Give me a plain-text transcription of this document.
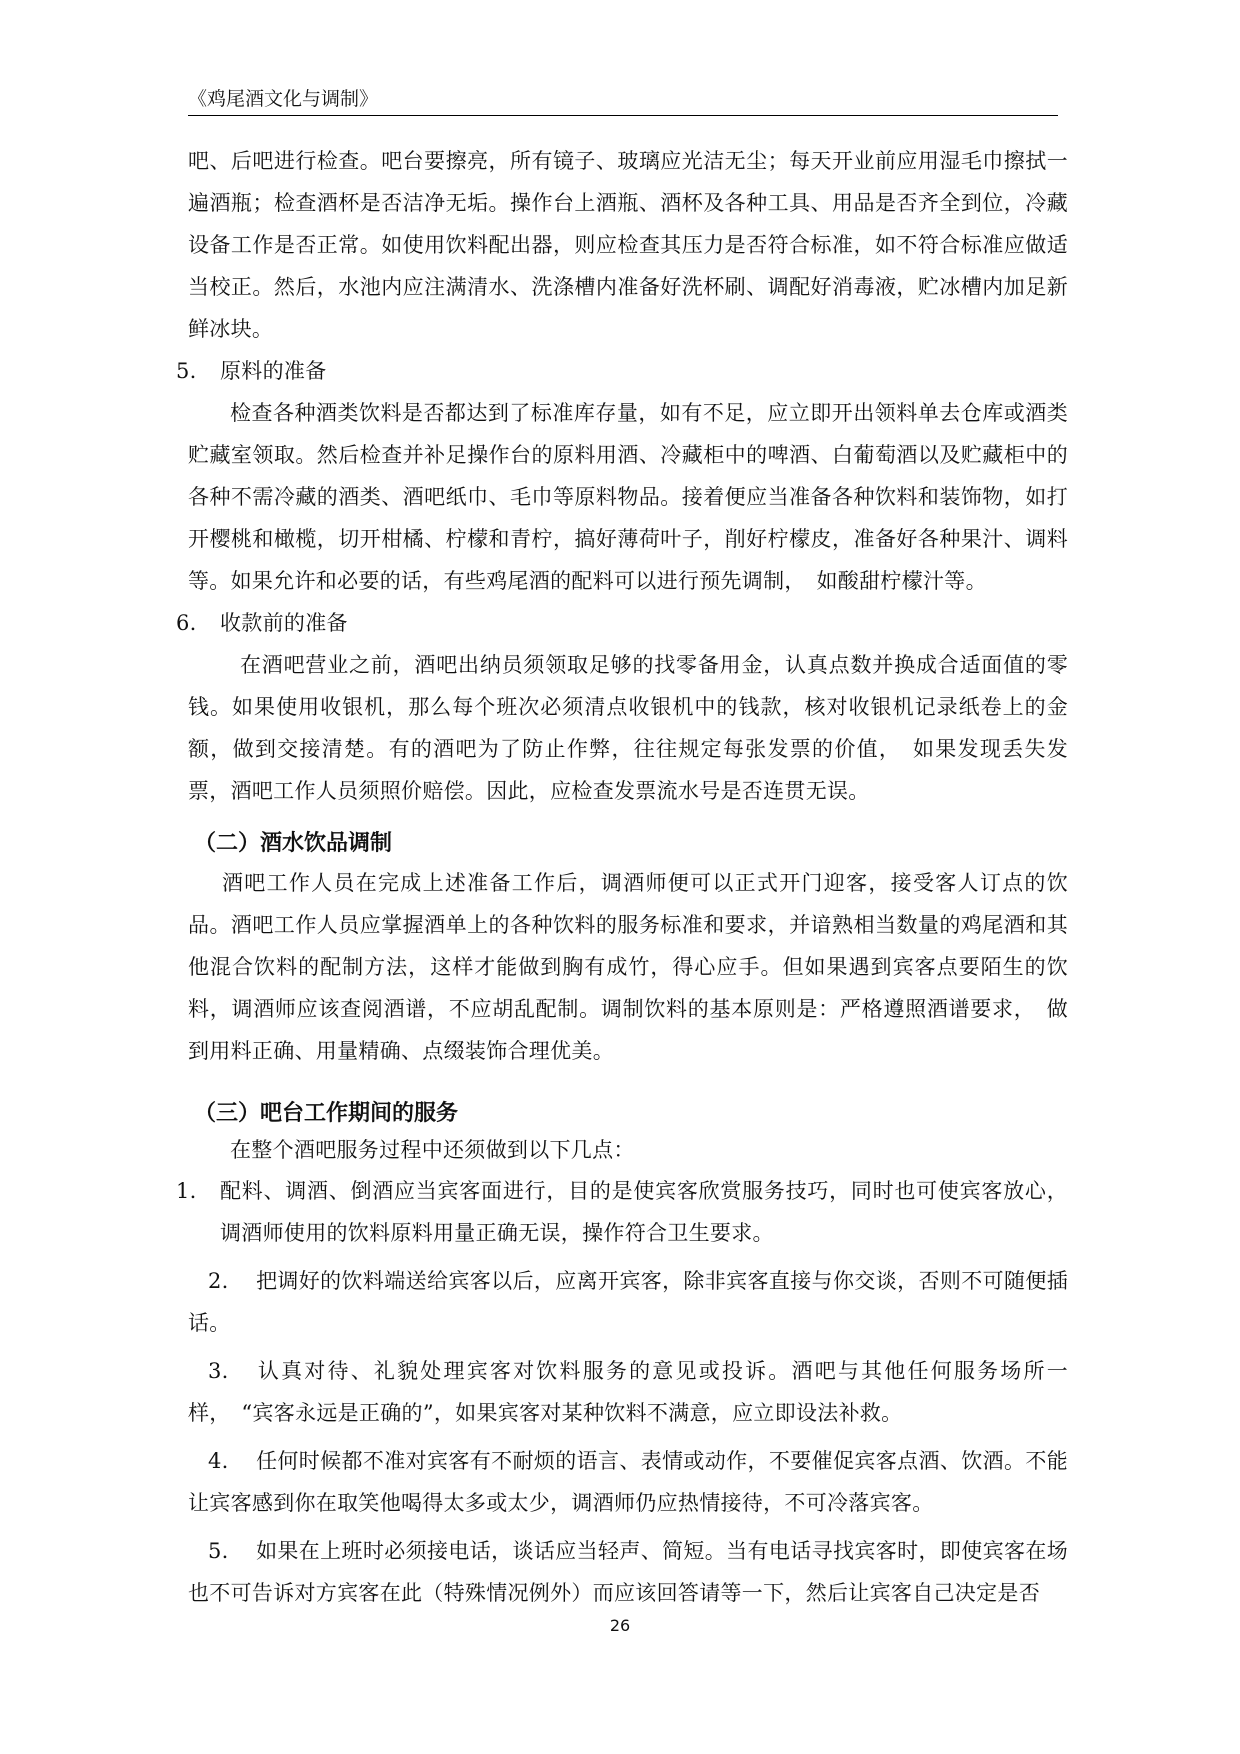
《鸡尾酒文化与调制》

吧、后吧进行检查。吧台要擦亮，所有镜子、玻璃应光洁无尘；每天开业前应用湿毛巾擦拭一遍酒瓶；检查酒杯是否洁净无垢。操作台上酒瓶、酒杯及各种工具、用品是否齐全到位，冷藏设备工作是否正常。如使用饮料配出器，则应检查其压力是否符合标准，如不符合标准应做适当校正。然后，水池内应注满清水、洗涤槽内准备好洗杯刷、调配好消毒液，贮冰槽内加足新鲜冰块。

5.	原料的准备

检查各种酒类饮料是否都达到了标准库存量，如有不足，应立即开出领料单去仓库或酒类贮藏室领取。然后检查并补足操作台的原料用酒、冷藏柜中的啤酒、白葡萄酒以及贮藏柜中的各种不需冷藏的酒类、酒吧纸巾、毛巾等原料物品。接着便应当准备各种饮料和装饰物，如打开樱桃和橄榄，切开柑橘、柠檬和青柠，搞好薄荷叶子，削好柠檬皮，准备好各种果汁、调料等。如果允许和必要的话，有些鸡尾酒的配料可以进行预先调制，　如酸甜柠檬汁等。

6.	收款前的准备

在酒吧营业之前，酒吧出纳员须领取足够的找零备用金，认真点数并换成合适面值的零钱。如果使用收银机，那么每个班次必须清点收银机中的钱款，核对收银机记录纸卷上的金额，做到交接清楚。有的酒吧为了防止作弊，往往规定每张发票的价值，　如果发现丢失发票，酒吧工作人员须照价赔偿。因此，应检查发票流水号是否连贯无误。

（二）酒水饮品调制

酒吧工作人员在完成上述准备工作后，调酒师便可以正式开门迎客，接受客人订点的饮品。酒吧工作人员应掌握酒单上的各种饮料的服务标准和要求，并谙熟相当数量的鸡尾酒和其他混合饮料的配制方法，这样才能做到胸有成竹，得心应手。但如果遇到宾客点要陌生的饮料，调酒师应该查阅酒谱，不应胡乱配制。调制饮料的基本原则是：严格遵照酒谱要求，　做到用料正确、用量精确、点缀装饰合理优美。

（三）吧台工作期间的服务

在整个酒吧服务过程中还须做到以下几点：

1. 配料、调酒、倒酒应当宾客面进行，目的是使宾客欣赏服务技巧，同时也可使宾客放心，调酒师使用的饮料原料用量正确无误，操作符合卫生要求。

2. 把调好的饮料端送给宾客以后，应离开宾客，除非宾客直接与你交谈，否则不可随便插话。

3. 认真对待、礼貌处理宾客对饮料服务的意见或投诉。酒吧与其他任何服务场所一样，　“宾客永远是正确的”，如果宾客对某种饮料不满意，应立即设法补救。

4. 任何时候都不准对宾客有不耐烦的语言、表情或动作，不要催促宾客点酒、饮酒。不能让宾客感到你在取笑他喝得太多或太少，调酒师仍应热情接待，不可冷落宾客。

5. 如果在上班时必须接电话，谈话应当轻声、简短。当有电话寻找宾客时，即使宾客在场也不可告诉对方宾客在此（特殊情况例外）而应该回答请等一下，然后让宾客自己决定是否

26
